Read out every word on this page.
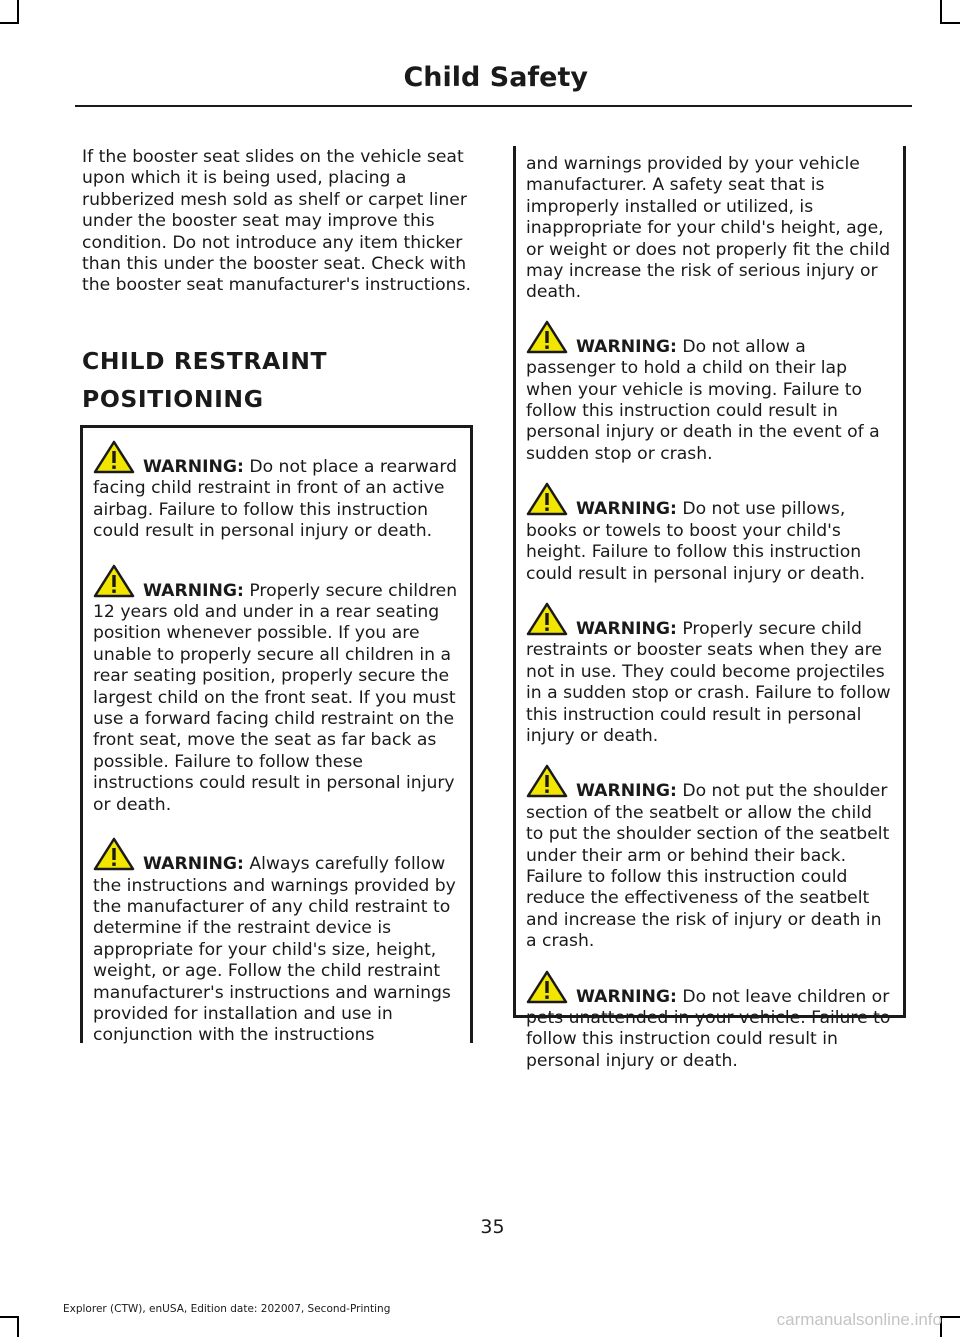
Child Safety

If the booster seat slides on the vehicle seat upon which it is being used, placing a rubberized mesh sold as shelf or carpet liner under the booster seat may improve this condition. Do not introduce any item thicker than this under the booster seat. Check with the booster seat manufacturer's instructions.

CHILD RESTRAINT
POSITIONING

WARNING: Do not place a rearward facing child restraint in front of an active airbag. Failure to follow this instruction could result in personal injury or death.

WARNING: Properly secure children 12 years old and under in a rear seating position whenever possible. If you are unable to properly secure all children in a rear seating position, properly secure the largest child on the front seat. If you must use a forward facing child restraint on the front seat, move the seat as far back as possible. Failure to follow these instructions could result in personal injury or death.

WARNING: Always carefully follow the instructions and warnings provided by the manufacturer of any child restraint to determine if the restraint device is appropriate for your child's size, height, weight, or age. Follow the child restraint manufacturer's instructions and warnings provided for installation and use in conjunction with the instructions

and warnings provided by your vehicle manufacturer. A safety seat that is improperly installed or utilized, is inappropriate for your child's height, age, or weight or does not properly fit the child may increase the risk of serious injury or death.

WARNING: Do not allow a passenger to hold a child on their lap when your vehicle is moving. Failure to follow this instruction could result in personal injury or death in the event of a sudden stop or crash.

WARNING: Do not use pillows, books or towels to boost your child's height. Failure to follow this instruction could result in personal injury or death.

WARNING: Properly secure child restraints or booster seats when they are not in use. They could become projectiles in a sudden stop or crash. Failure to follow this instruction could result in personal injury or death.

WARNING: Do not put the shoulder section of the seatbelt or allow the child to put the shoulder section of the seatbelt under their arm or behind their back. Failure to follow this instruction could reduce the effectiveness of the seatbelt and increase the risk of injury or death in a crash.

WARNING: Do not leave children or pets unattended in your vehicle. Failure to follow this instruction could result in personal injury or death.

35
Explorer (CTW), enUSA, Edition date: 202007, Second-Printing
carmanualsonline.info
